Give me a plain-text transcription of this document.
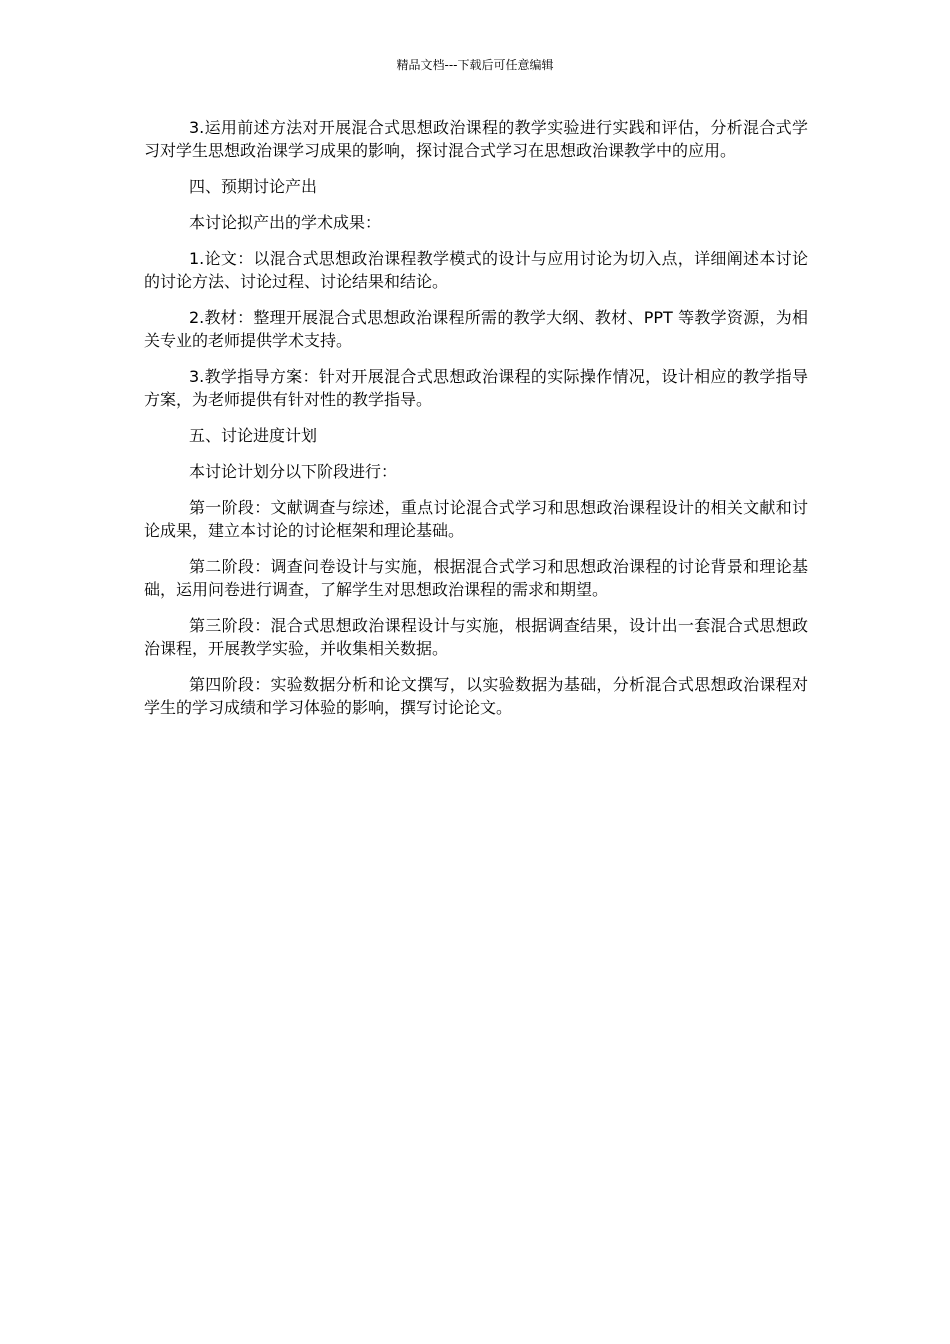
精品文档---下载后可任意编辑

3.运用前述方法对开展混合式思想政治课程的教学实验进行实践和评估，分析混合式学习对学生思想政治课学习成果的影响，探讨混合式学习在思想政治课教学中的应用。

四、预期讨论产出

本讨论拟产出的学术成果：

1.论文：以混合式思想政治课程教学模式的设计与应用讨论为切入点，详细阐述本讨论的讨论方法、讨论过程、讨论结果和结论。

2.教材：整理开展混合式思想政治课程所需的教学大纲、教材、PPT 等教学资源，为相关专业的老师提供学术支持。

3.教学指导方案：针对开展混合式思想政治课程的实际操作情况，设计相应的教学指导方案，为老师提供有针对性的教学指导。

五、讨论进度计划

本讨论计划分以下阶段进行：

第一阶段：文献调查与综述，重点讨论混合式学习和思想政治课程设计的相关文献和讨论成果，建立本讨论的讨论框架和理论基础。

第二阶段：调查问卷设计与实施，根据混合式学习和思想政治课程的讨论背景和理论基础，运用问卷进行调查，了解学生对思想政治课程的需求和期望。

第三阶段：混合式思想政治课程设计与实施，根据调查结果，设计出一套混合式思想政治课程，开展教学实验，并收集相关数据。

第四阶段：实验数据分析和论文撰写，以实验数据为基础，分析混合式思想政治课程对学生的学习成绩和学习体验的影响，撰写讨论论文。
